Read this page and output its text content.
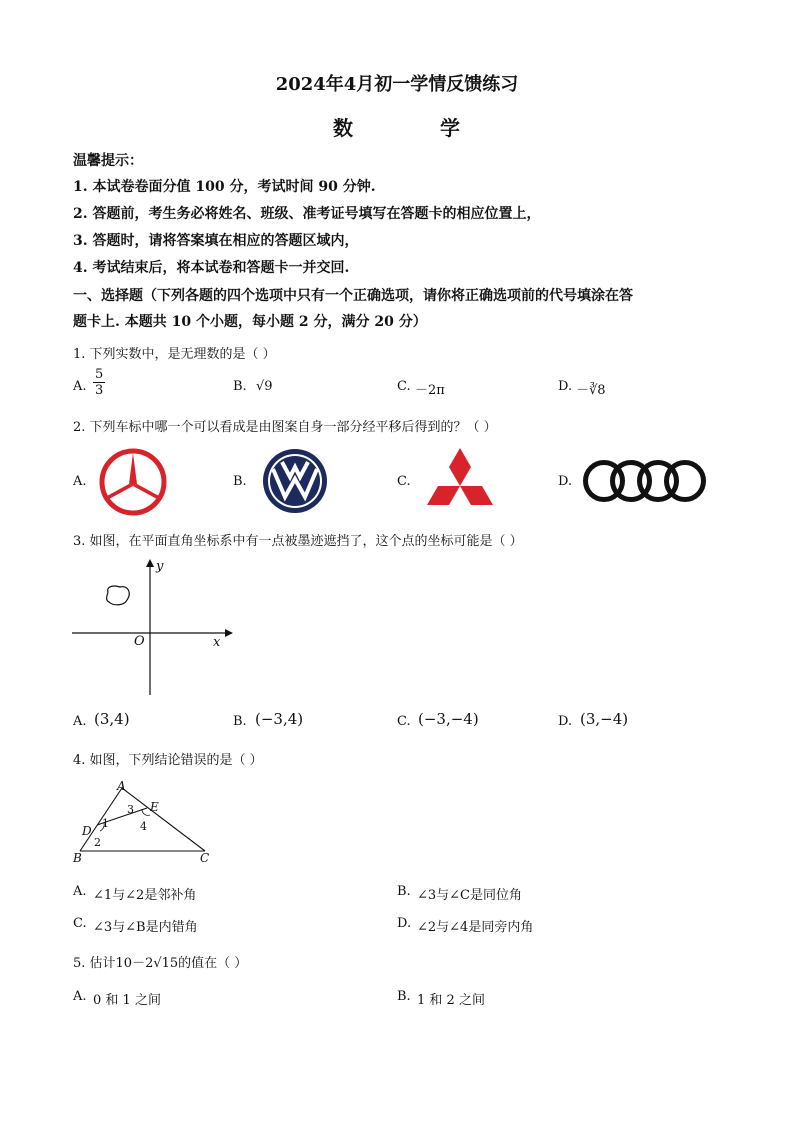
2024年4月初一学情反馈练习
数	学
温馨提示：
1. 本试卷卷面分值 100 分，考试时间 90 分钟.
2. 答题前，考生务必将姓名、班级、准考证号填写在答题卡的相应位置上，
3. 答题时，请将答案填在相应的答题区域内，
4. 考试结束后，将本试卷和答题卡一并交回.
一、选择题（下列各题的四个选项中只有一个正确选项，请你将正确选项前的代号填涂在答
题卡上. 本题共 10 个小题，每小题 2 分，满分 20 分）
1. 下列实数中，是无理数的是（ ）
A. $\frac{5}{3}$	B. √9	C. －2π	D. －∛8
2. 下列车标中哪一个可以看成是由图案自身一部分经平移后得到的？（ ）
A.	B.	C.	D.
3. 如图，在平面直角坐标系中有一点被墨迹遮挡了，这个点的坐标可能是（ ）
y
x
O
A. (3,4)	B. (−3,4)	C. (−3,−4)	D. (3,−4)
4. 如图，下列结论错误的是（ ）
A
B	C
D
E
1
2
3
4
A. ∠1与∠2是邻补角	B. ∠3与∠C是同位角
C. ∠3与∠B是内错角	D. ∠2与∠4是同旁内角
5. 估计10－2√15的值在（ ）
A. 0 和 1 之间	B. 1 和 2 之间
